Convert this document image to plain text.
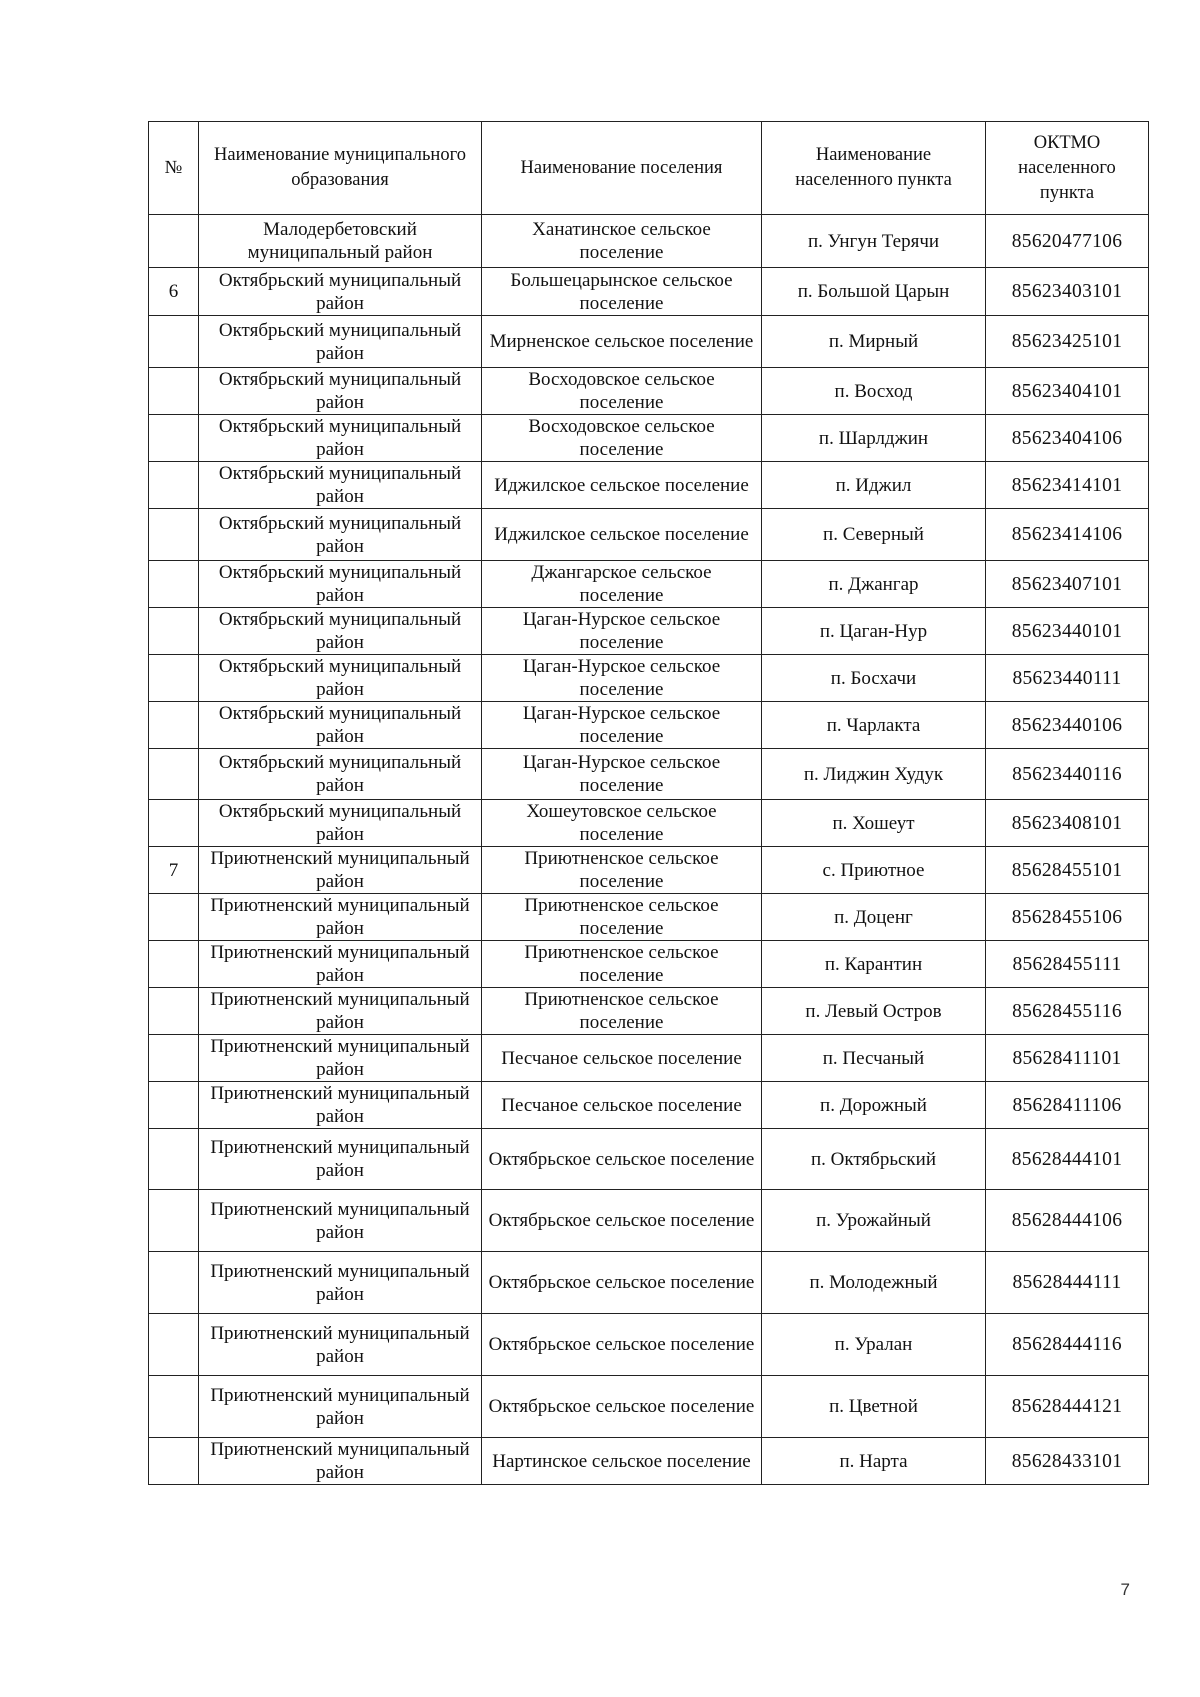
№	Наименование муниципального образования	Наименование поселения	Наименование населенного пункта	ОКТМО населенного пункта
	Малодербетовский муниципальный район	Ханатинское сельское поселение	п. Унгун Терячи	85620477106
6	Октябрьский муниципальный район	Большецарынское сельское поселение	п. Большой Царын	85623403101
	Октябрьский муниципальный район	Мирненское сельское поселение	п. Мирный	85623425101
	Октябрьский муниципальный район	Восходовское сельское поселение	п. Восход	85623404101
	Октябрьский муниципальный район	Восходовское сельское поселение	п. Шарлджин	85623404106
	Октябрьский муниципальный район	Иджилское сельское поселение	п. Иджил	85623414101
	Октябрьский муниципальный район	Иджилское сельское поселение	п. Северный	85623414106
	Октябрьский муниципальный район	Джангарское сельское поселение	п. Джангар	85623407101
	Октябрьский муниципальный район	Цаган-Нурское сельское поселение	п. Цаган-Нур	85623440101
	Октябрьский муниципальный район	Цаган-Нурское сельское поселение	п. Босхачи	85623440111
	Октябрьский муниципальный район	Цаган-Нурское сельское поселение	п. Чарлакта	85623440106
	Октябрьский муниципальный район	Цаган-Нурское сельское поселение	п. Лиджин Худук	85623440116
	Октябрьский муниципальный район	Хошеутовское сельское поселение	п. Хошеут	85623408101
7	Приютненский муниципальный район	Приютненское сельское поселение	с. Приютное	85628455101
	Приютненский муниципальный район	Приютненское сельское поселение	п. Доценг	85628455106
	Приютненский муниципальный район	Приютненское сельское поселение	п. Карантин	85628455111
	Приютненский муниципальный район	Приютненское сельское поселение	п. Левый Остров	85628455116
	Приютненский муниципальный район	Песчаное сельское поселение	п. Песчаный	85628411101
	Приютненский муниципальный район	Песчаное сельское поселение	п. Дорожный	85628411106
	Приютненский муниципальный район	Октябрьское сельское поселение	п. Октябрьский	85628444101
	Приютненский муниципальный район	Октябрьское сельское поселение	п. Урожайный	85628444106
	Приютненский муниципальный район	Октябрьское сельское поселение	п. Молодежный	85628444111
	Приютненский муниципальный район	Октябрьское сельское поселение	п. Уралан	85628444116
	Приютненский муниципальный район	Октябрьское сельское поселение	п. Цветной	85628444121
	Приютненский муниципальный район	Нартинское сельское поселение	п. Нарта	85628433101
7
